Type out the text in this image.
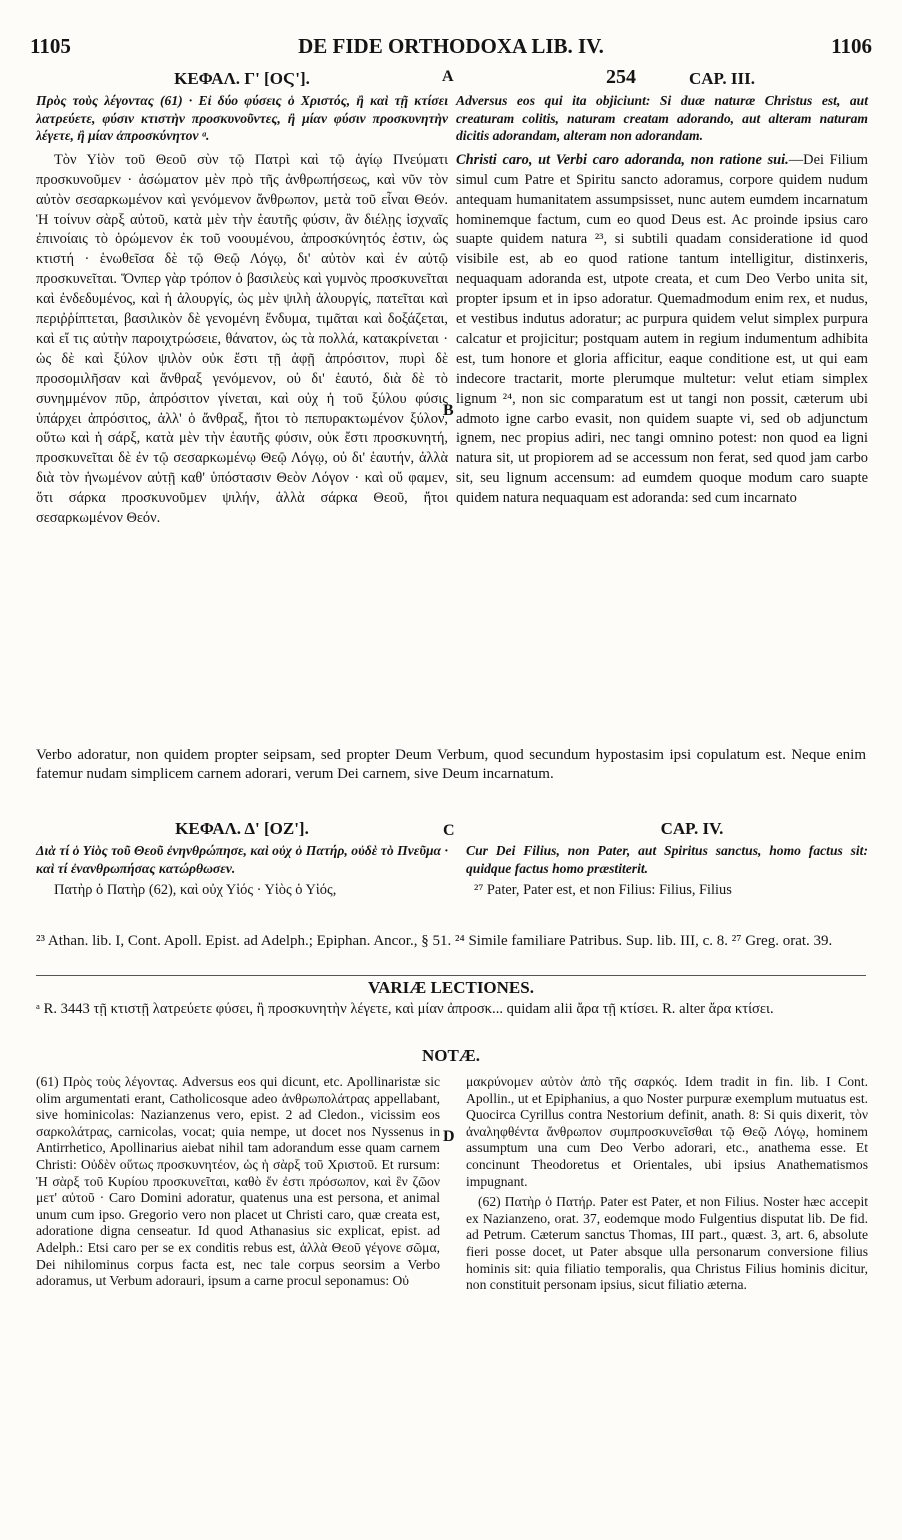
1105	DE FIDE ORTHODOXA LIB. IV.	1106
A
B
C
D
254
ΚΕΦΑΛ. Γ' [ΟϚ'].

Πρὸς τοὺς λέγοντας (61) · Εἰ δύο φύσεις ὁ Χριστός, ἢ καὶ τῇ κτίσει λατρεύετε, φύσιν κτιστὴν προσκυνοῦντες, ἢ μίαν φύσιν προσκυνητὴν λέγετε, ἢ μίαν ἀπροσκύνητον ᵃ.

Τὸν Υἱὸν τοῦ Θεοῦ σὺν τῷ Πατρὶ καὶ τῷ ἁγίῳ Πνεύματι προσκυνοῦμεν · ἀσώματον μὲν πρὸ τῆς ἀνθρωπήσεως, καὶ νῦν τὸν αὐτὸν σεσαρκωμένον καὶ γενόμενον ἄνθρωπον, μετὰ τοῦ εἶναι Θεόν. Ἡ τοίνυν σὰρξ αὐτοῦ, κατὰ μὲν τὴν ἑαυτῆς φύσιν, ἂν διέλῃς ἰσχναῖς ἐπινοίαις τὸ ὁρώμενον ἐκ τοῦ νοουμένου, ἀπροσκύνητός ἐστιν, ὡς κτιστή · ἑνωθεῖσα δὲ τῷ Θεῷ Λόγῳ, δι' αὐτὸν καὶ ἐν αὐτῷ προσκυνεῖται. Ὅνπερ γὰρ τρόπον ὁ βασιλεὺς καὶ γυμνὸς προσκυνεῖται καὶ ἐνδεδυμένος, καὶ ἡ ἁλουργίς, ὡς μὲν ψιλὴ ἁλουργίς, πατεῖται καὶ περιῤῥίπτεται, βασιλικὸν δὲ γενομένη ἔνδυμα, τιμᾶται καὶ δοξάζεται, καὶ εἴ τις αὐτὴν παροιχτρώσειε, θάνατον, ὡς τὰ πολλά, κατακρίνεται · ὡς δὲ καὶ ξύλον ψιλὸν οὐκ ἔστι τῇ ἀφῇ ἀπρόσιτον, πυρὶ δὲ προσομιλῆσαν καὶ ἄνθραξ γενόμενον, οὐ δι' ἑαυτό, διὰ δὲ τὸ συνημμένον πῦρ, ἀπρόσιτον γίνεται, καὶ οὐχ ἡ τοῦ ξύλου φύσις ὑπάρχει ἀπρόσιτος, ἀλλ' ὁ ἄνθραξ, ἤτοι τὸ πεπυρακτωμένον ξύλον, οὕτω καὶ ἡ σάρξ, κατὰ μὲν τὴν ἑαυτῆς φύσιν, οὐκ ἔστι προσκυνητή, προσκυνεῖται δὲ ἐν τῷ σεσαρκωμένῳ Θεῷ Λόγῳ, οὐ δι' ἑαυτήν, ἀλλὰ διὰ τὸν ἡνωμένον αὐτῇ καθ' ὑπόστασιν Θεὸν Λόγον · καὶ οὔ φαμεν, ὅτι σάρκα προσκυνοῦμεν ψιλήν, ἀλλὰ σάρκα Θεοῦ, ἤτοι σεσαρκωμένον Θεόν.

CAP. III.

Adversus eos qui ita objiciunt: Si duæ naturæ Christus est, aut creaturam colitis, naturam creatam adorando, aut alteram naturam dicitis adorandam, alteram non adorandam.

Christi caro, ut Verbi caro adoranda, non ratione sui.—Dei Filium simul cum Patre et Spiritu sancto adoramus, corpore quidem nudum antequam humanitatem assumpsisset, nunc autem eumdem incarnatum hominemque factum, cum eo quod Deus est. Ac proinde ipsius caro suapte quidem natura ²³, si subtili quadam consideratione id quod visibile est, ab eo quod ratione tantum intelligitur, distinxeris, nequaquam adoranda est, utpote creata, et cum Deo Verbo unita sit, propter ipsum et in ipso adoratur. Quemadmodum enim rex, et nudus, et vestibus indutus adoratur; ac purpura quidem velut simplex purpura calcatur et projicitur; postquam autem in regium indumentum adhibita est, tum honore et gloria afficitur, eaque conditione est, ut qui eam indecore tractarit, morte plerumque multetur: velut etiam simplex lignum ²⁴, non sic comparatum est ut tangi non possit, cæterum ubi admoto igne carbo evasit, non quidem suapte vi, sed ob adjunctum ignem, nec propius adiri, nec tangi omnino potest: non quod ea ligni natura sit, ut propiorem ad se accessum non ferat, sed quod jam carbo sit, seu lignum accensum: ad eumdem quoque modum caro suapte quidem natura nequaquam est adoranda: sed cum incarnato

Verbo adoratur, non quidem propter seipsam, sed propter Deum Verbum, quod secundum hypostasim ipsi copulatum est. Neque enim fatemur nudam simplicem carnem adorari, verum Dei carnem, sive Deum incarnatum.
ΚΕΦΑΛ. Δ' [ΟΖ'].

Διὰ τί ὁ Υἱὸς τοῦ Θεοῦ ἐνηνθρώπησε, καὶ οὐχ ὁ Πατήρ, οὐδὲ τὸ Πνεῦμα · καὶ τί ἐνανθρωπήσας κατώρθωσεν.

Πατὴρ ὁ Πατὴρ (62), καὶ οὐχ Υἱός · Υἱὸς ὁ Υἱός,

CAP. IV.

Cur Dei Filius, non Pater, aut Spiritus sanctus, homo factus sit: quidque factus homo præstiterit.

²⁷ Pater, Pater est, et non Filius: Filius, Filius

²³ Athan. lib. I, Cont. Apoll. Epist. ad Adelph.; Epiphan. Ancor., § 51. ²⁴ Simile familiare Patribus. Sup. lib. III, c. 8. ²⁷ Greg. orat. 39.
VARIÆ LECTIONES.
ᵃ R. 3443 τῇ κτιστῇ λατρεύετε φύσει, ἢ προσκυνητὴν λέγετε, καὶ μίαν ἀπροσκ... quidam alii ἄρα τῇ κτίσει. R. alter ἄρα κτίσει.
NOTÆ.
(61) Πρὸς τοὺς λέγοντας. Adversus eos qui dicunt, etc. Apollinaristæ sic olim argumentati erant, Catholicosque adeo ἀνθρωπολάτρας appellabant, sive hominicolas: Nazianzenus vero, epist. 2 ad Cledon., vicissim eos σαρκολάτρας, carnicolas, vocat; quia nempe, ut docet nos Nyssenus in Antirrhetico, Apollinarius aiebat nihil tam adorandum esse quam carnem Christi: Οὐδὲν οὕτως προσκυνητέον, ὡς ἡ σὰρξ τοῦ Χριστοῦ. Et rursum: Ἡ σὰρξ τοῦ Κυρίου προσκυνεῖται, καθὸ ἕν ἐστι πρόσωπον, καὶ ἓν ζῶον μετ' αὐτοῦ · Caro Domini adoratur, quatenus una est persona, et animal unum cum ipso. Gregorio vero non placet ut Christi caro, quæ creata est, adoratione digna censeatur. Id quod Athanasius sic explicat, epist. ad Adelph.: Etsi caro per se ex conditis rebus est, ἀλλὰ Θεοῦ γέγονε σῶμα, Dei nihilominus corpus facta est, nec tale corpus seorsim a Verbo adoramus, ut Verbum adorauri, ipsum a carne procul seponamus: Οὐ
μακρύνομεν αὐτὸν ἀπὸ τῆς σαρκός. Idem tradit in fin. lib. I Cont. Apollin., ut et Epiphanius, a quo Noster purpuræ exemplum mutuatus est. Quocirca Cyrillus contra Nestorium definit, anath. 8: Si quis dixerit, τὸν ἀναληφθέντα ἄνθρωπον συμπροσκυνεῖσθαι τῷ Θεῷ Λόγῳ, hominem assumptum una cum Deo Verbo adorari, etc., anathema esse. Et concinunt Theodoretus et Orientales, ubi ipsius Anathematismos impugnant.
(62) Πατὴρ ὁ Πατήρ. Pater est Pater, et non Filius. Noster hæc accepit ex Nazianzeno, orat. 37, eodemque modo Fulgentius disputat lib. De fid. ad Petrum. Cæterum sanctus Thomas, III part., quæst. 3, art. 6, absolute fieri posse docet, ut Pater absque ulla personarum conversione filius hominis sit: quia filiatio temporalis, qua Christus Filius hominis dicitur, non constituit personam ipsius, sicut filiatio æterna.
